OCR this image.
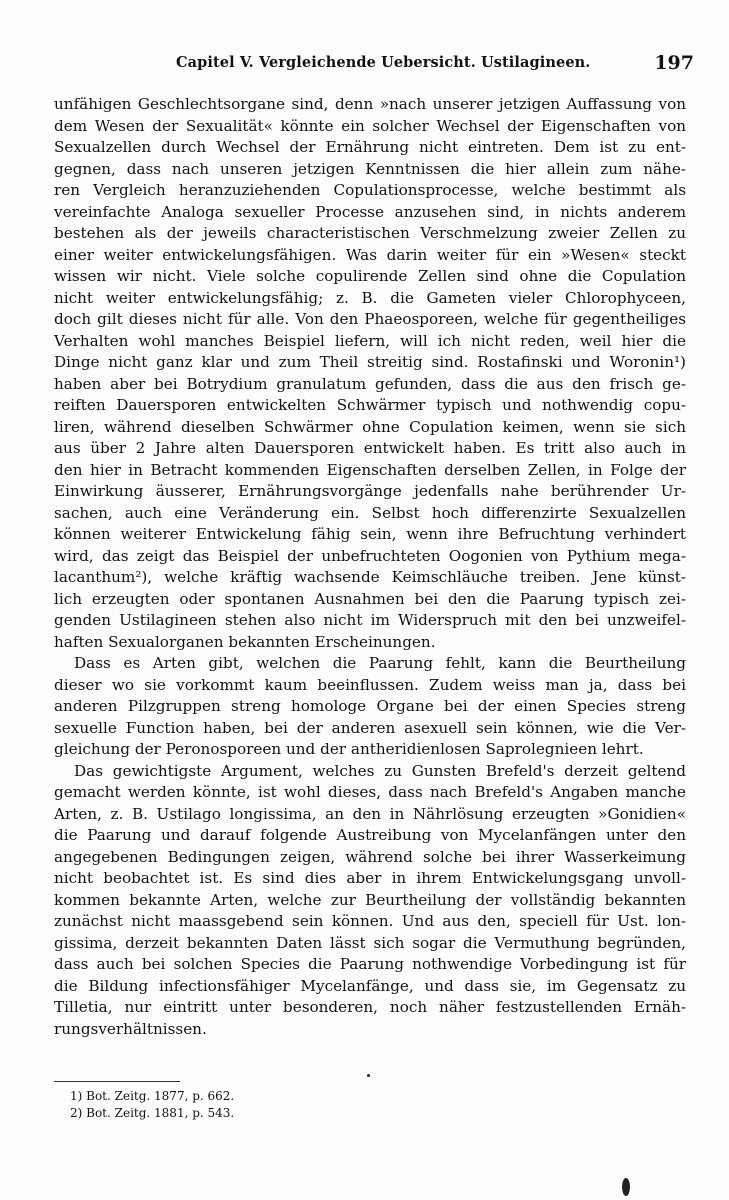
Capitel V. Vergleichende Uebersicht. Ustilagineen.	197
unfähigen Geschlechtsorgane sind, denn »nach unserer jetzigen Auffassung von
dem Wesen der Sexualität« könnte ein solcher Wechsel der Eigenschaften von
Sexualzellen durch Wechsel der Ernährung nicht eintreten. Dem ist zu ent-
gegnen, dass nach unseren jetzigen Kenntnissen die hier allein zum nähe-
ren Vergleich heranzuziehenden Copulationsprocesse, welche bestimmt als
vereinfachte Analoga sexueller Processe anzusehen sind, in nichts anderem
bestehen als der jeweils characteristischen Verschmelzung zweier Zellen zu
einer weiter entwickelungsfähigen. Was darin weiter für ein »Wesen« steckt
wissen wir nicht. Viele solche copulirende Zellen sind ohne die Copulation
nicht weiter entwickelungsfähig; z. B. die Gameten vieler Chlorophyceen,
doch gilt dieses nicht für alle. Von den Phaeosporeen, welche für gegentheiliges
Verhalten wohl manches Beispiel liefern, will ich nicht reden, weil hier die
Dinge nicht ganz klar und zum Theil streitig sind. Rostafinski und Woronin¹)
haben aber bei Botrydium granulatum gefunden, dass die aus den frisch ge-
reiften Dauersporen entwickelten Schwärmer typisch und nothwendig copu-
liren, während dieselben Schwärmer ohne Copulation keimen, wenn sie sich
aus über 2 Jahre alten Dauersporen entwickelt haben. Es tritt also auch in
den hier in Betracht kommenden Eigenschaften derselben Zellen, in Folge der
Einwirkung äusserer, Ernährungsvorgänge jedenfalls nahe berührender Ur-
sachen, auch eine Veränderung ein. Selbst hoch differenzirte Sexualzellen
können weiterer Entwickelung fähig sein, wenn ihre Befruchtung verhindert
wird, das zeigt das Beispiel der unbefruchteten Oogonien von Pythium mega-
lacanthum²), welche kräftig wachsende Keimschläuche treiben. Jene künst-
lich erzeugten oder spontanen Ausnahmen bei den die Paarung typisch zei-
genden Ustilagineen stehen also nicht im Widerspruch mit den bei unzweifel-
haften Sexualorganen bekannten Erscheinungen.
Dass es Arten gibt, welchen die Paarung fehlt, kann die Beurtheilung
dieser wo sie vorkommt kaum beeinflussen. Zudem weiss man ja, dass bei
anderen Pilzgruppen streng homologe Organe bei der einen Species streng
sexuelle Function haben, bei der anderen asexuell sein können, wie die Ver-
gleichung der Peronosporeen und der antheridienlosen Saprolegnieen lehrt.
Das gewichtigste Argument, welches zu Gunsten Brefeld's derzeit geltend
gemacht werden könnte, ist wohl dieses, dass nach Brefeld's Angaben manche
Arten, z. B. Ustilago longissima, an den in Nährlösung erzeugten »Gonidien«
die Paarung und darauf folgende Austreibung von Mycelanfängen unter den
angegebenen Bedingungen zeigen, während solche bei ihrer Wasserkeimung
nicht beobachtet ist. Es sind dies aber in ihrem Entwickelungsgang unvoll-
kommen bekannte Arten, welche zur Beurtheilung der vollständig bekannten
zunächst nicht maassgebend sein können. Und aus den, speciell für Ust. lon-
gissima, derzeit bekannten Daten lässt sich sogar die Vermuthung begründen,
dass auch bei solchen Species die Paarung nothwendige Vorbedingung ist für
die Bildung infectionsfähiger Mycelanfänge, und dass sie, im Gegensatz zu
Tilletia, nur eintritt unter besonderen, noch näher festzustellenden Ernäh-
rungsverhältnissen.
1) Bot. Zeitg. 1877, p. 662.
2) Bot. Zeitg. 1881, p. 543.
